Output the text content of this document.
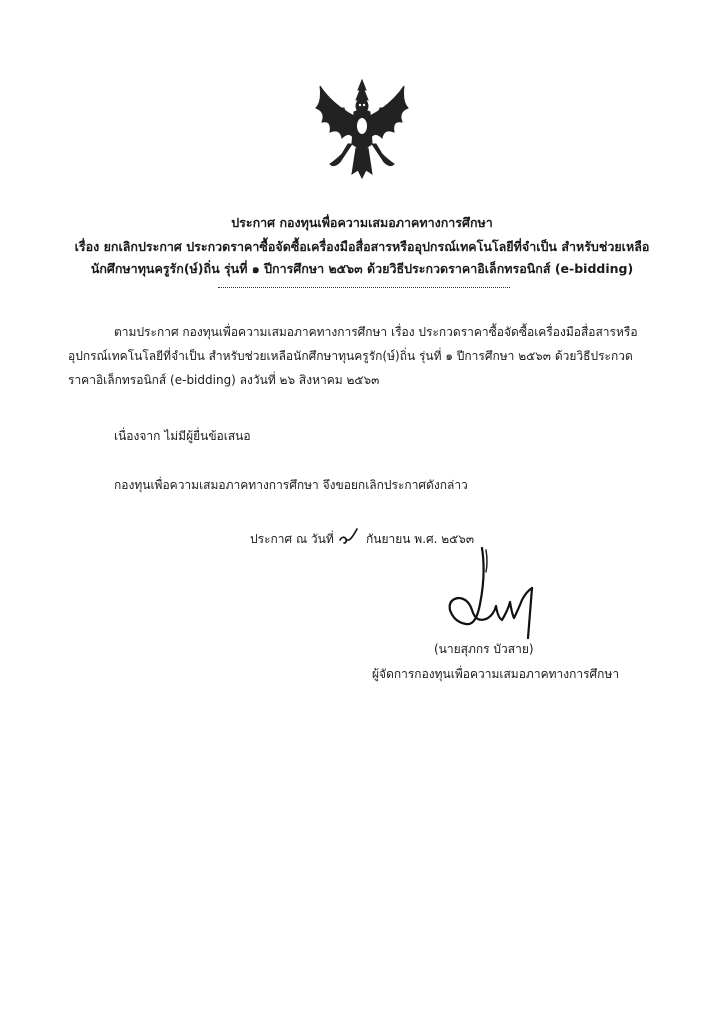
ประกาศ กองทุนเพื่อความเสมอภาคทางการศึกษา
เรื่อง ยกเลิกประกาศ ประกวดราคาซื้อจัดซื้อเครื่องมือสื่อสารหรืออุปกรณ์เทคโนโลยีที่จำเป็น สำหรับช่วยเหลือ
นักศึกษาทุนครูรัก(ษ์)ถิ่น รุ่นที่ ๑ ปีการศึกษา ๒๕๖๓ ด้วยวิธีประกวดราคาอิเล็กทรอนิกส์ (e-bidding)
ตามประกาศ กองทุนเพื่อความเสมอภาคทางการศึกษา เรื่อง ประกวดราคาซื้อจัดซื้อเครื่องมือสื่อสารหรือ
อุปกรณ์เทคโนโลยีที่จำเป็น สำหรับช่วยเหลือนักศึกษาทุนครูรัก(ษ์)ถิ่น รุ่นที่ ๑ ปีการศึกษา ๒๕๖๓ ด้วยวิธีประกวด
ราคาอิเล็กทรอนิกส์ (e-bidding) ลงวันที่ ๒๖ สิงหาคม ๒๕๖๓
เนื่องจาก ไม่มีผู้ยื่นข้อเสนอ
กองทุนเพื่อความเสมอภาคทางการศึกษา จึงขอยกเลิกประกาศดังกล่าว
ประกาศ ณ วันที่	กันยายน พ.ศ. ๒๕๖๓
(นายสุภกร บัวสาย)
ผู้จัดการกองทุนเพื่อความเสมอภาคทางการศึกษา
